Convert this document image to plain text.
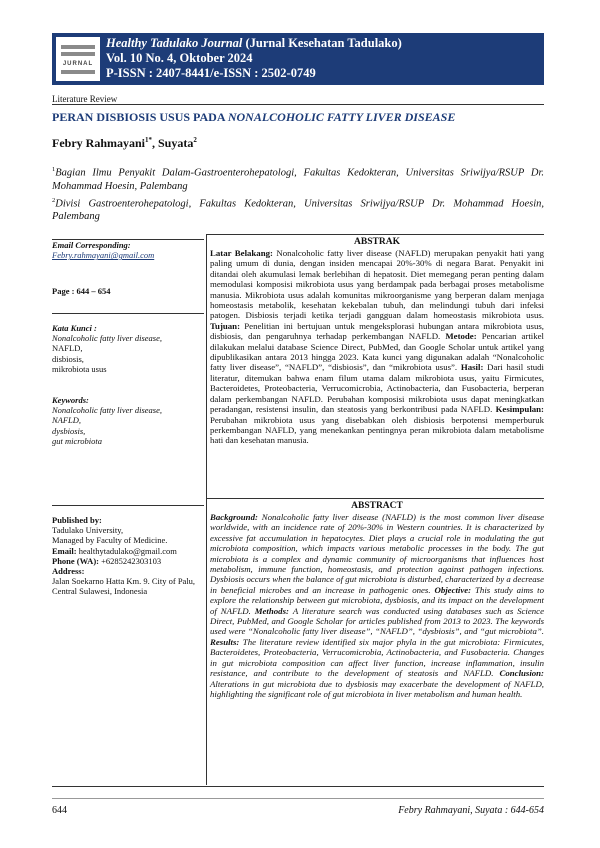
JURNAL
Healthy Tadulako Journal (Jurnal Kesehatan Tadulako)
Vol. 10 No. 4, Oktober 2024
P-ISSN : 2407-8441/e-ISSN : 2502-0749
Literature Review
PERAN DISBIOSIS USUS PADA NONALCOHOLIC FATTY LIVER DISEASE
Febry Rahmayani$^{1*}$, Suyata$^2$

$^1$Bagian Ilmu Penyakit Dalam-Gastroenterohepatologi, Fakultas Kedokteran, Universitas Sriwijya/RSUP Dr. Mohammad Hoesin, Palembang

$^2$Divisi Gastroenterohepatologi, Fakultas Kedokteran, Universitas Sriwijya/RSUP Dr. Mohammad Hoesin, Palembang

Email Corresponding:
Febry.rahmayani@gmail.com
Page : 644 – 654
Kata Kunci :
Nonalcoholic fatty liver disease,
NAFLD,
disbiosis,
mikrobiota usus
Keywords:
Nonalcoholic fatty liver disease,
NAFLD,
dysbiosis,
gut microbiota
Published by:
Tadulako University,
Managed by Faculty of Medicine.
Email: healthytadulako@gmail.com
Phone (WA): +6285242303103
Address:
Jalan Soekarno Hatta Km. 9. City of Palu, Central Sulawesi, Indonesia
ABSTRAK

Latar Belakang: Nonalcoholic fatty liver disease (NAFLD) merupakan penyakit hati yang paling umum di dunia, dengan insiden mencapai 20%-30% di negara Barat. Penyakit ini ditandai oleh akumulasi lemak berlebihan di hepatosit. Diet memegang peran penting dalam memodulasi komposisi mikrobiota usus yang berdampak pada berbagai proses metabolisme manusia. Mikrobiota usus adalah komunitas mikroorganisme yang berperan dalam menjaga homeostasis metabolik, kesehatan kekebalan tubuh, dan melindungi tubuh dari infeksi patogen. Disbiosis terjadi ketika terjadi gangguan dalam homeostasis mikrobiota usus. Tujuan: Penelitian ini bertujuan untuk mengeksplorasi hubungan antara mikrobiota usus, disbiosis, dan pengaruhnya terhadap perkembangan NAFLD. Metode: Pencarian artikel dilakukan melalui database Science Direct, PubMed, dan Google Scholar untuk artikel yang dipublikasikan antara 2013 hingga 2023. Kata kunci yang digunakan adalah “Nonalcoholic fatty liver disease”, “NAFLD”, “disbiosis”, dan “mikrobiota usus”. Hasil: Dari hasil studi literatur, ditemukan bahwa enam filum utama dalam mikrobiota usus, yaitu Firmicutes, Bacteroidetes, Proteobacteria, Verrucomicrobia, Actinobacteria, dan Fusobacteria, berperan dalam perkembangan NAFLD. Perubahan komposisi mikrobiota usus dapat meningkatkan peradangan, resistensi insulin, dan steatosis yang berkontribusi pada NAFLD. Kesimpulan: Perubahan mikrobiota usus yang disebabkan oleh disbiosis berpotensi memperburuk perkembangan NAFLD, yang menekankan pentingnya peran mikrobiota dalam metabolisme hati dan kesehatan manusia.

ABSTRACT

Background: Nonalcoholic fatty liver disease (NAFLD) is the most common liver disease worldwide, with an incidence rate of 20%-30% in Western countries. It is characterized by excessive fat accumulation in hepatocytes. Diet plays a crucial role in modulating the gut microbiota composition, which impacts various metabolic processes in the body. The gut microbiota is a complex and dynamic community of microorganisms that influences host metabolism, immune function, homeostasis, and protection against pathogen infections. Dysbiosis occurs when the balance of gut microbiota is disturbed, characterized by a decrease in beneficial microbes and an increase in pathogenic ones. Objective: This study aims to explore the relationship between gut microbiota, dysbiosis, and its impact on the development of NAFLD. Methods: A literature search was conducted using databases such as Science Direct, PubMed, and Google Scholar for articles published from 2013 to 2023. The keywords used were “Nonalcoholic fatty liver disease”, “NAFLD”, “dysbiosis”, and “gut microbiota”. Results: The literature review identified six major phyla in the gut microbiota: Firmicutes, Bacteroidetes, Proteobacteria, Verrucomicrobia, Actinobacteria, and Fusobacteria. Changes in gut microbiota composition can affect liver function, increase inflammation, insulin resistance, and contribute to the development of steatosis and NAFLD. Conclusion: Alterations in gut microbiota due to dysbiosis may exacerbate the development of NAFLD, highlighting the significant role of gut microbiota in liver metabolism and human health.

644	Febry Rahmayani, Suyata : 644-654
